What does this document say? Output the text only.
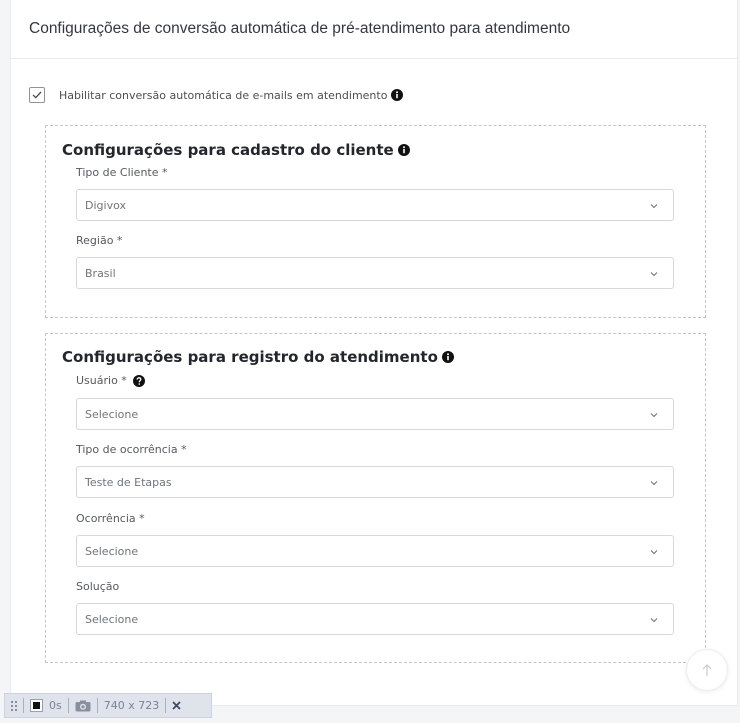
Configurações de conversão automática de pré-atendimento para atendimento
Habilitar conversão automática de e-mails em atendimento
Configurações para cadastro do cliente
Tipo de Cliente *
Digivox
Região *
Brasil
Configurações para registro do atendimento
Usuário *
Selecione
Tipo de ocorrência *
Teste de Etapas
Ocorrência *
Selecione
Solução
Selecione
0s	740 x 723
